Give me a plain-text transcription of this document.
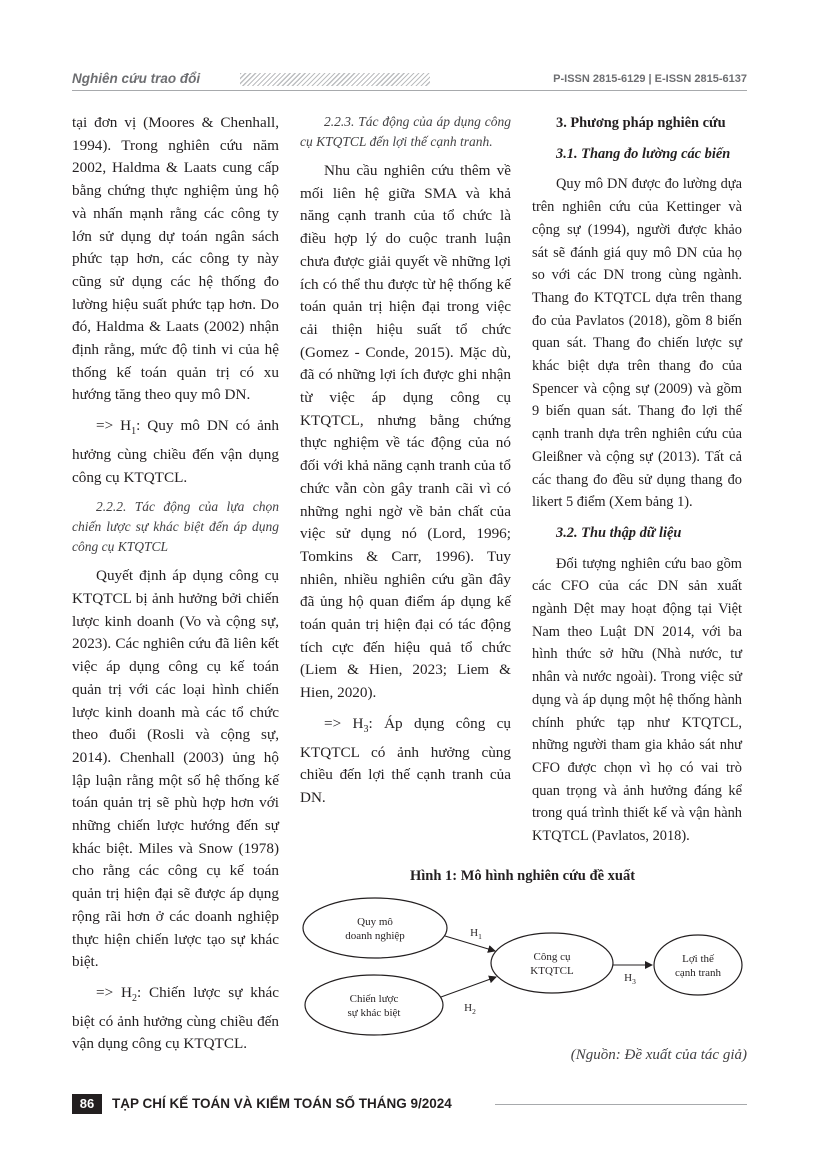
Nghiên cứu trao đổi	P-ISSN 2815-6129 | E-ISSN 2815-6137

tại đơn vị (Moores & Chenhall, 1994). Trong nghiên cứu năm 2002, Haldma & Laats cung cấp bằng chứng thực nghiệm ủng hộ và nhấn mạnh rằng các công ty lớn sử dụng dự toán ngân sách phức tạp hơn, các công ty này cũng sử dụng các hệ thống đo lường hiệu suất phức tạp hơn. Do đó, Haldma & Laats (2002) nhận định rằng, mức độ tinh vi của hệ thống kế toán quản trị có xu hướng tăng theo quy mô DN.

=> $H_1$: Quy mô DN có ảnh hưởng cùng chiều đến vận dụng công cụ KTQTCL.

2.2.2. Tác động của lựa chọn chiến lược sự khác biệt đến áp dụng công cụ KTQTCL

Quyết định áp dụng công cụ KTQTCL bị ảnh hưởng bởi chiến lược kinh doanh (Vo và cộng sự, 2023). Các nghiên cứu đã liên kết việc áp dụng công cụ kế toán quản trị với các loại hình chiến lược kinh doanh mà các tổ chức theo đuổi (Rosli và cộng sự, 2014). Chenhall (2003) ủng hộ lập luận rằng một số hệ thống kế toán quản trị sẽ phù hợp hơn với những chiến lược hướng đến sự khác biệt. Miles và Snow (1978) cho rằng các công cụ kế toán quản trị hiện đại sẽ được áp dụng rộng rãi hơn ở các doanh nghiệp thực hiện chiến lược tạo sự khác biệt.

=> $H_2$: Chiến lược sự khác biệt có ảnh hưởng cùng chiều đến vận dụng công cụ KTQTCL.

2.2.3. Tác động của áp dụng công cụ KTQTCL đến lợi thế cạnh tranh.

Nhu cầu nghiên cứu thêm về mối liên hệ giữa SMA và khả năng cạnh tranh của tổ chức là điều hợp lý do cuộc tranh luận chưa được giải quyết về những lợi ích có thể thu được từ hệ thống kế toán quản trị hiện đại trong việc cải thiện hiệu suất tổ chức (Gomez - Conde, 2015). Mặc dù, đã có những lợi ích được ghi nhận từ việc áp dụng công cụ KTQTCL, nhưng bằng chứng thực nghiệm về tác động của nó đối với khả năng cạnh tranh của tổ chức vẫn còn gây tranh cãi vì có những nghi ngờ về bản chất của việc sử dụng nó (Lord, 1996; Tomkins & Carr, 1996). Tuy nhiên, nhiều nghiên cứu gần đây đã ủng hộ quan điểm áp dụng kế toán quản trị hiện đại có tác động tích cực đến hiệu quả tổ chức (Liem & Hien, 2023; Liem & Hien, 2020).

=> $H_3$: Áp dụng công cụ KTQTCL có ảnh hưởng cùng chiều đến lợi thế cạnh tranh của DN.

3. Phương pháp nghiên cứu

3.1. Thang đo lường các biến

Quy mô DN được đo lường dựa trên nghiên cứu của Kettinger và cộng sự (1994), người được khảo sát sẽ đánh giá quy mô DN của họ so với các DN trong cùng ngành. Thang đo KTQTCL dựa trên thang đo của Pavlatos (2018), gồm 8 biến quan sát. Thang đo chiến lược sự khác biệt dựa trên thang đo của Spencer và cộng sự (2009) và gồm 9 biến quan sát. Thang đo lợi thế cạnh tranh dựa trên nghiên cứu của Gleißner và cộng sự (2013). Tất cả các thang đo đều sử dụng thang đo likert 5 điểm (Xem bảng 1).

3.2. Thu thập dữ liệu

Đối tượng nghiên cứu bao gồm các CFO của các DN sản xuất ngành Dệt may hoạt động tại Việt Nam theo Luật DN 2014, với ba hình thức sở hữu (Nhà nước, tư nhân và nước ngoài). Trong việc sử dụng và áp dụng một hệ thống hành chính phức tạp như KTQTCL, những người tham gia khảo sát như CFO được chọn vì họ có vai trò quan trọng và ảnh hưởng đáng kể trong quá trình thiết kế và vận hành KTQTCL (Pavlatos, 2018).

Hình 1: Mô hình nghiên cứu đề xuất
Quy mô
doanh nghiệp
Chiến lược
sự khác biệt
Công cụ
KTQTCL
Lợi thế
cạnh tranh
$H_1$
$H_2$
$H_3$
(Nguồn: Đề xuất của tác giả)
86	TẠP CHÍ KẾ TOÁN VÀ KIỂM TOÁN SỐ THÁNG 9/2024
